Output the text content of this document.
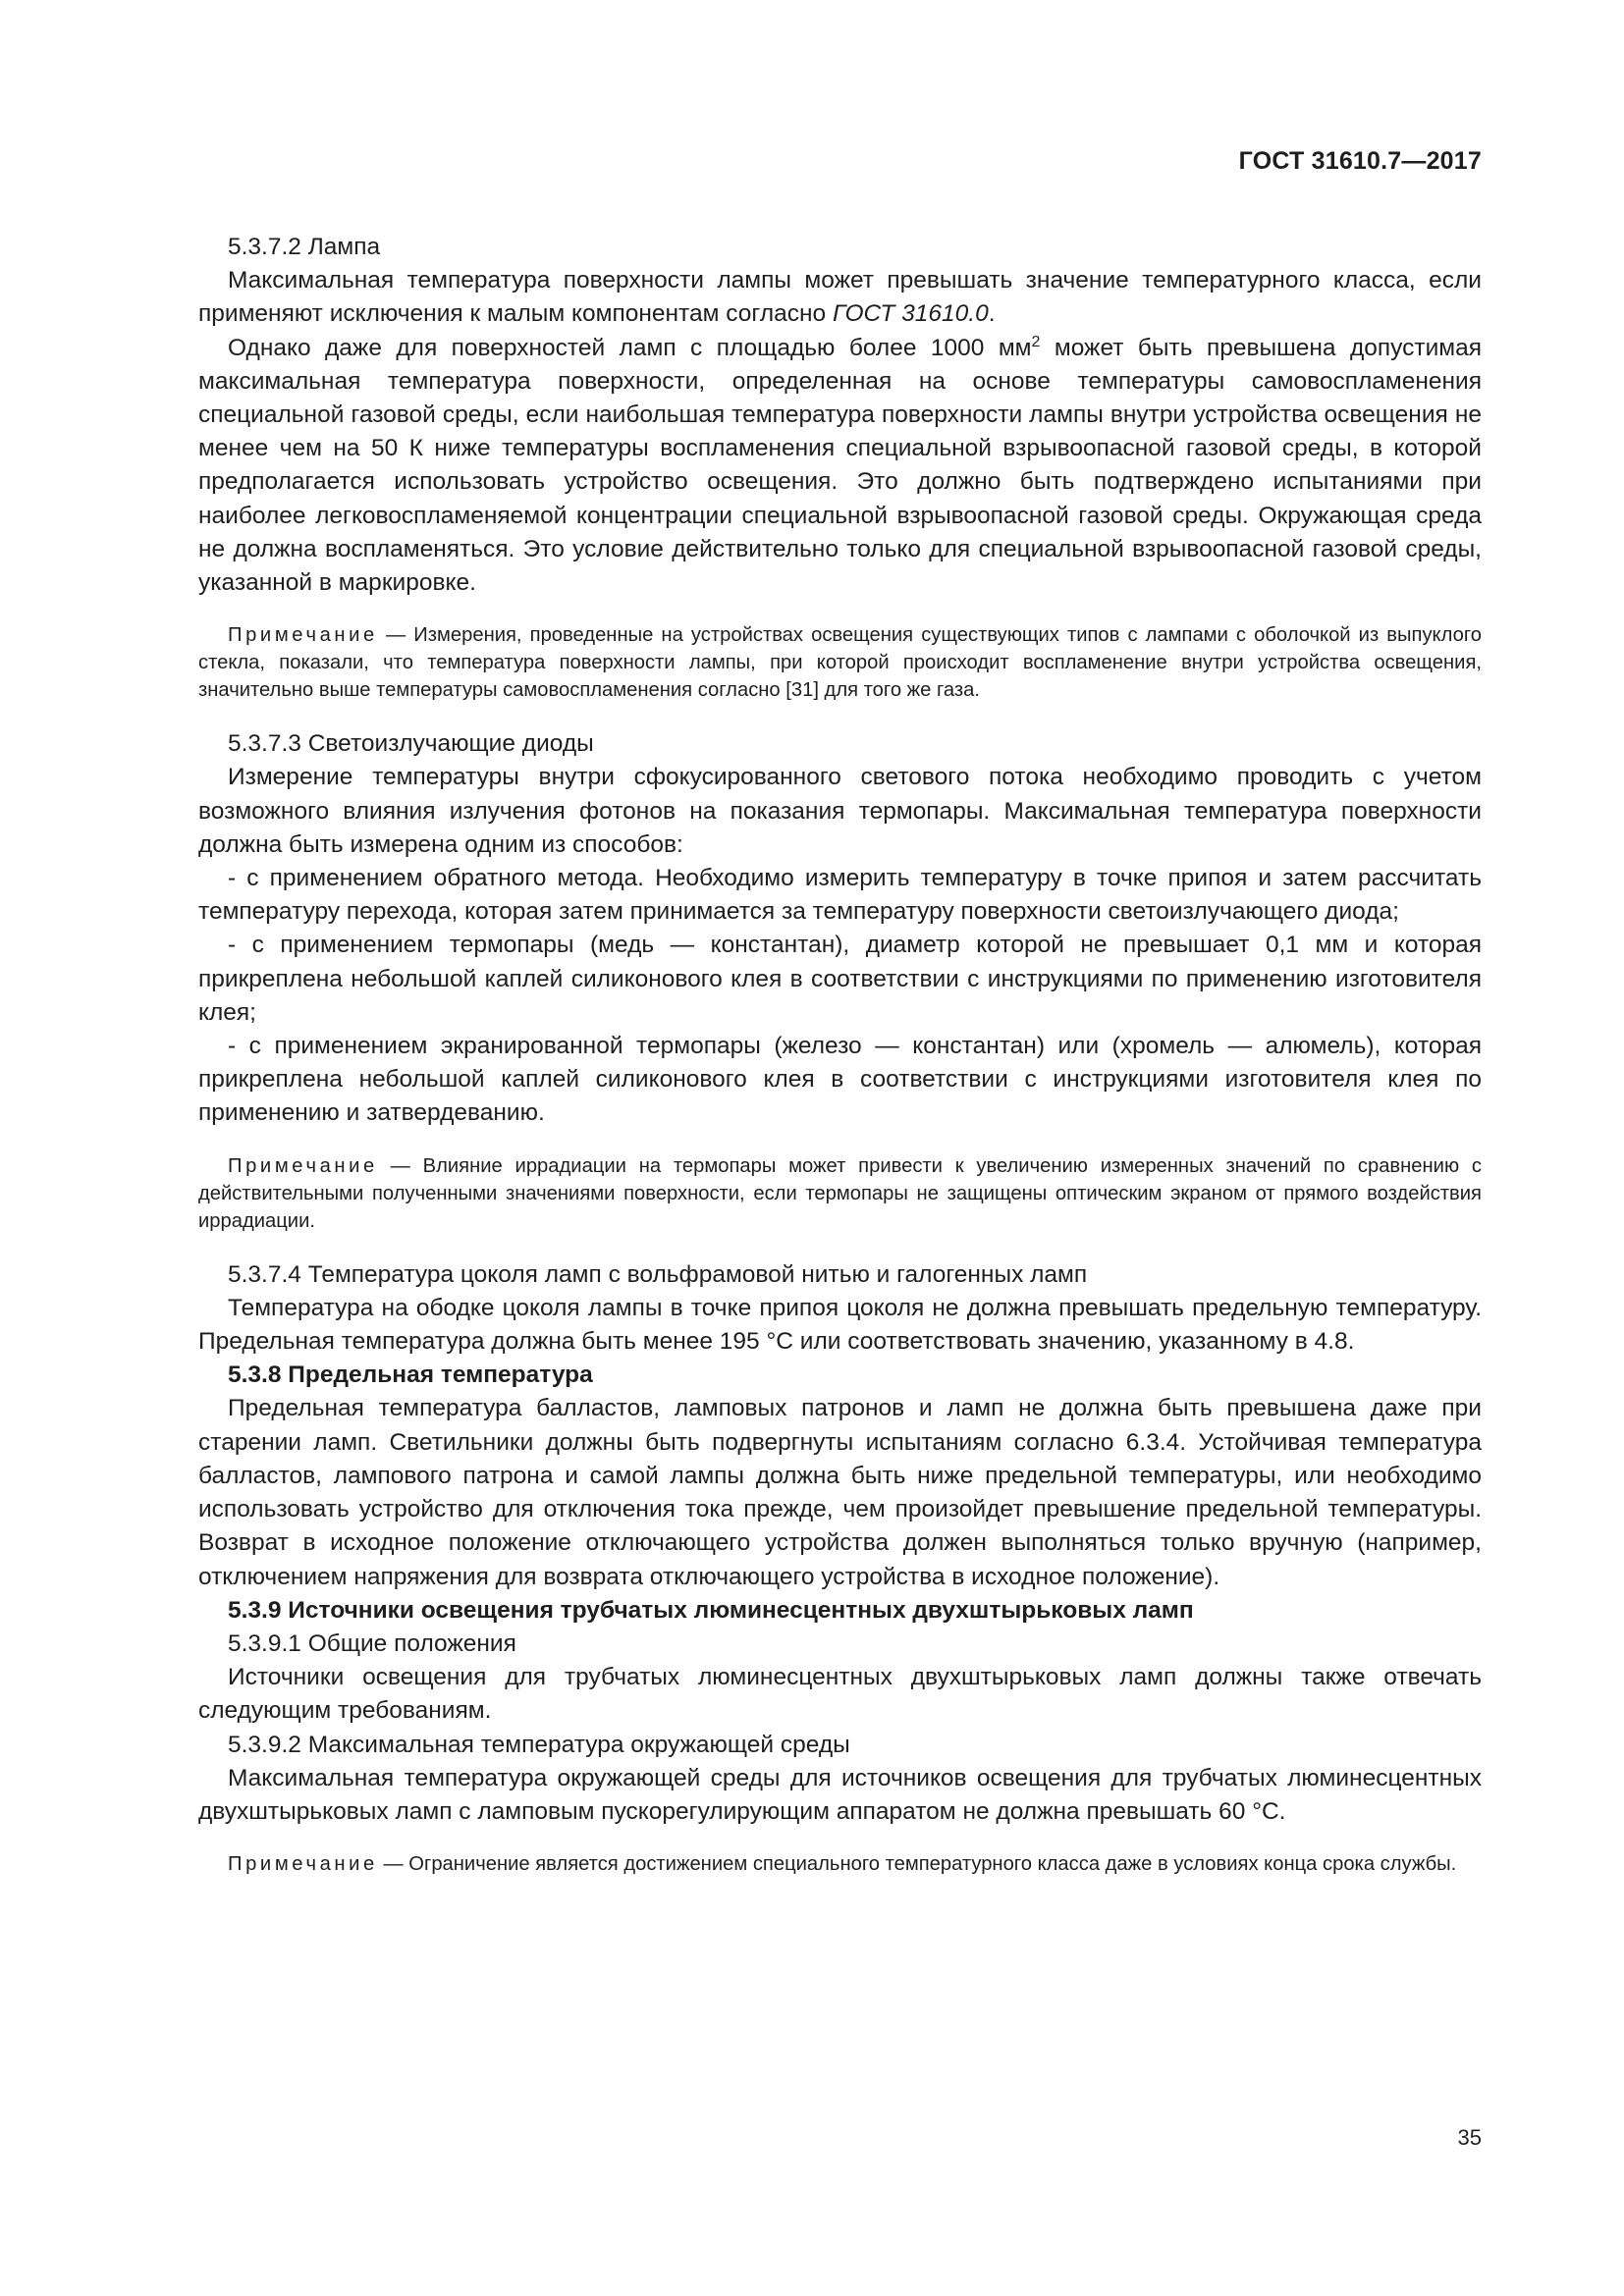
ГОСТ 31610.7—2017

5.3.7.2 Лампа

Максимальная температура поверхности лампы может превышать значение температурного класса, если применяют исключения к малым компонентам согласно ГОСТ 31610.0.

Однако даже для поверхностей ламп с площадью более 1000 $мм^2$ может быть превышена допустимая максимальная температура поверхности, определенная на основе температуры самовоспламенения специальной газовой среды, если наибольшая температура поверхности лампы внутри устройства освещения не менее чем на 50 К ниже температуры воспламенения специальной взрывоопасной газовой среды, в которой предполагается использовать устройство освещения. Это должно быть подтверждено испытаниями при наиболее легковоспламеняемой концентрации специальной взрывоопасной газовой среды. Окружающая среда не должна воспламеняться. Это условие действительно только для специальной взрывоопасной газовой среды, указанной в маркировке.

Примечание — Измерения, проведенные на устройствах освещения существующих типов с лампами с оболочкой из выпуклого стекла, показали, что температура поверхности лампы, при которой происходит воспламенение внутри устройства освещения, значительно выше температуры самовоспламенения согласно [31] для того же газа.

5.3.7.3 Светоизлучающие диоды

Измерение температуры внутри сфокусированного светового потока необходимо проводить с учетом возможного влияния излучения фотонов на показания термопары. Максимальная температура поверхности должна быть измерена одним из способов:

- с применением обратного метода. Необходимо измерить температуру в точке припоя и затем рассчитать температуру перехода, которая затем принимается за температуру поверхности светоизлучающего диода;

- с применением термопары (медь — константан), диаметр которой не превышает 0,1 мм и которая прикреплена небольшой каплей силиконового клея в соответствии с инструкциями по применению изготовителя клея;

- с применением экранированной термопары (железо — константан) или (хромель — алюмель), которая прикреплена небольшой каплей силиконового клея в соответствии с инструкциями изготовителя клея по применению и затвердеванию.

Примечание — Влияние иррадиации на термопары может привести к увеличению измеренных значений по сравнению с действительными полученными значениями поверхности, если термопары не защищены оптическим экраном от прямого воздействия иррадиации.

5.3.7.4 Температура цоколя ламп с вольфрамовой нитью и галогенных ламп

Температура на ободке цоколя лампы в точке припоя цоколя не должна превышать предельную температуру. Предельная температура должна быть менее 195 °С или соответствовать значению, указанному в 4.8.

5.3.8 Предельная температура

Предельная температура балластов, ламповых патронов и ламп не должна быть превышена даже при старении ламп. Светильники должны быть подвергнуты испытаниям согласно 6.3.4. Устойчивая температура балластов, лампового патрона и самой лампы должна быть ниже предельной температуры, или необходимо использовать устройство для отключения тока прежде, чем произойдет превышение предельной температуры. Возврат в исходное положение отключающего устройства должен выполняться только вручную (например, отключением напряжения для возврата отключающего устройства в исходное положение).

5.3.9 Источники освещения трубчатых люминесцентных двухштырьковых ламп

5.3.9.1 Общие положения

Источники освещения для трубчатых люминесцентных двухштырьковых ламп должны также отвечать следующим требованиям.

5.3.9.2 Максимальная температура окружающей среды

Максимальная температура окружающей среды для источников освещения для трубчатых люминесцентных двухштырьковых ламп с ламповым пускорегулирующим аппаратом не должна превышать 60 °С.

Примечание — Ограничение является достижением специального температурного класса даже в условиях конца срока службы.
35
